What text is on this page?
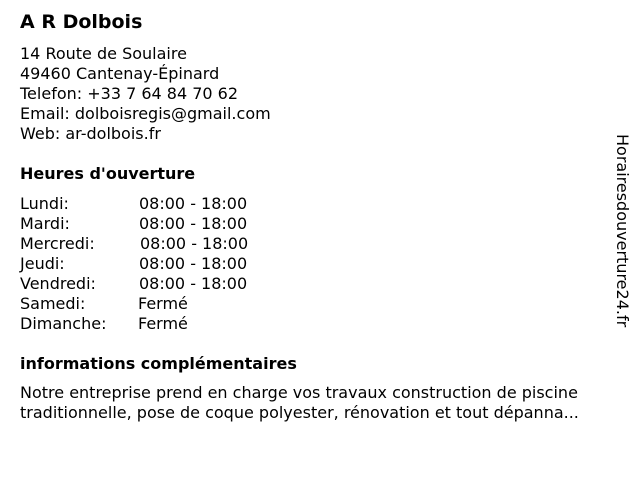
A R Dolbois
14 Route de Soulaire
49460 Cantenay-Épinard
Telefon: +33 7 64 84 70 62
Email: dolboisregis@gmail.com
Web: ar-dolbois.fr
Heures d'ouverture
Lundi:	08:00 - 18:00
Mardi:	08:00 - 18:00
Mercredi:	08:00 - 18:00
Jeudi:	08:00 - 18:00
Vendredi:	08:00 - 18:00
Samedi:	Fermé
Dimanche: Fermé
informations complémentaires
Notre entreprise prend en charge vos travaux construction de piscine
traditionnelle, pose de coque polyester, rénovation et tout dépanna...
Horairesdouverture24.fr
